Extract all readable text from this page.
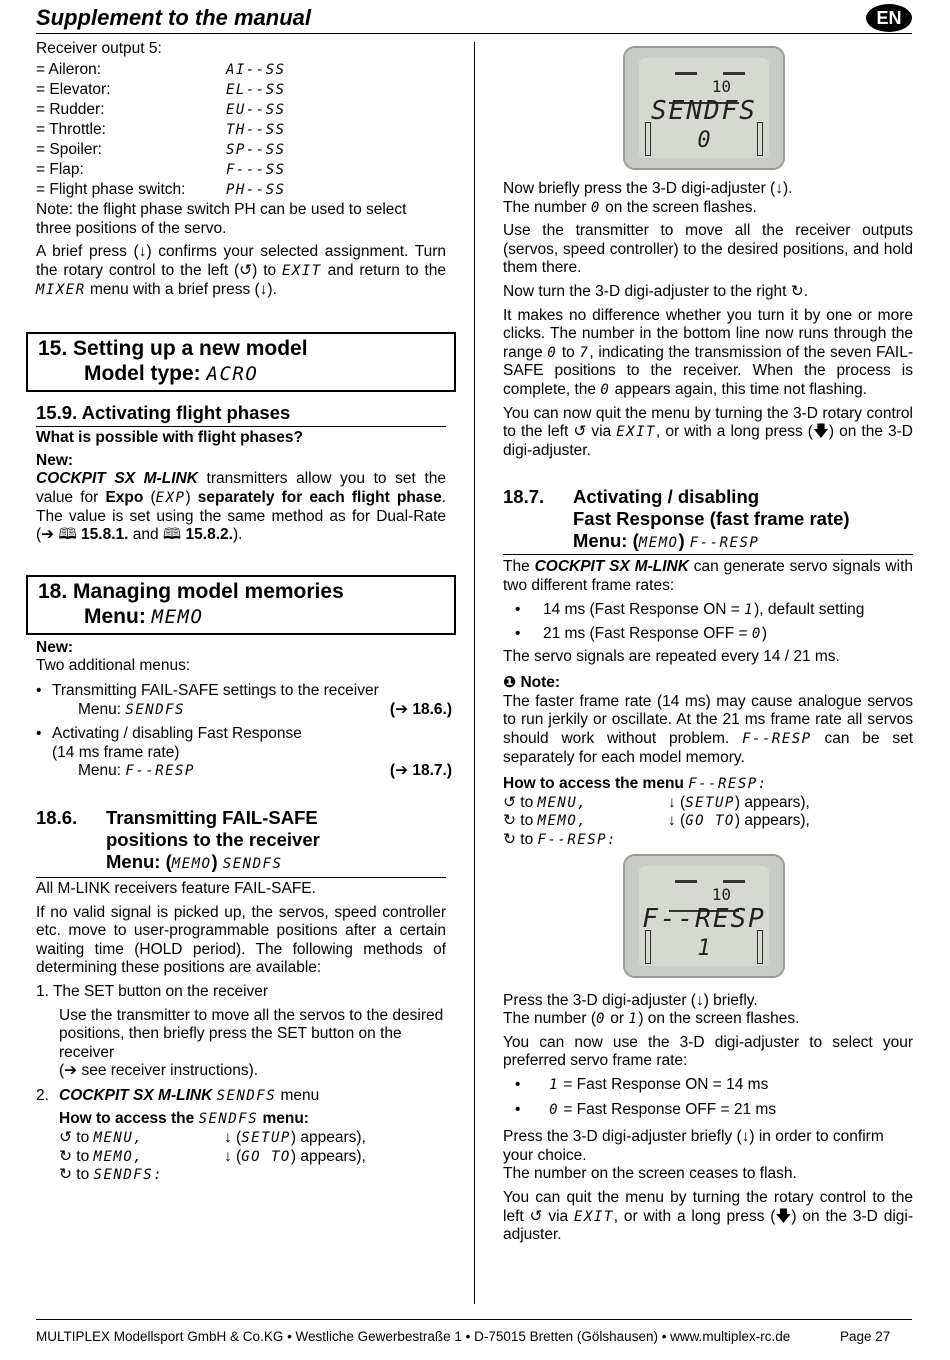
Supplement to the manual	EN
Receiver output 5:
= Aileron:	AI--SS
= Elevator:	EL--SS
= Rudder:	EU--SS
= Throttle:	TH--SS
= Spoiler:	SP--SS
= Flap:	F---SS
= Flight phase switch:	PH--SS

Note: the flight phase switch PH can be used to select three positions of the servo.

A brief press (↓) confirms your selected assignment. Turn the rotary control to the left (↺) to EXIT and return to the MIXER menu with a brief press (↓).

15. Setting up a new model
Model type: ACRO
15.9. Activating flight phases
What is possible with flight phases?
New:

COCKPIT SX M-LINK transmitters allow you to set the value for Expo (EXP) separately for each flight phase. The value is set using the same method as for Dual-Rate (➔ 🕮 15.8.1. and 🕮 15.8.2.).

18. Managing model memories
Menu: MEMO
New:
Two additional menus:
• Transmitting FAIL-SAFE settings to the receiver
Menu:
SENDFS	(➔ 18.6.)
• Activating / disabling Fast Response
(14 ms frame rate)
Menu:
F--RESP	(➔ 18.7.)
18.6. Transmitting FAIL-SAFE
positions to the receiver
Menu: (MEMO) SENDFS

All M-LINK receivers feature FAIL-SAFE.

If no valid signal is picked up, the servos, speed controller etc. move to user-programmable positions after a certain waiting time (HOLD period). The following methods of determining these positions are available:

1. The SET button on the receiver
Use the transmitter to move all the servos to the desired positions, then briefly press the SET button on the receiver
(➔ see receiver instructions).
2. COCKPIT SX M-LINK SENDFS menu
How to access the SENDFS menu:
↺ to MENU,	↓ (SETUP) appears),
↻ to MEMO,	↓ (GO TO) appears),
↻ to SENDFS:
10
SENDFS
0
Now briefly press the 3-D digi-adjuster (↓).

The number 0 on the screen flashes.

Use the transmitter to move all the receiver outputs (servos, speed controller) to the desired positions, and hold them there.

Now turn the 3-D digi-adjuster to the right ↻.

It makes no difference whether you turn it by one or more clicks. The number in the bottom line now runs through the range 0 to 7, indicating the transmission of the seven FAIL-SAFE positions to the receiver. When the process is complete, the 0 appears again, this time not flashing.

You can now quit the menu by turning the 3-D rotary control to the left ↺ via EXIT, or with a long press (🡇) on the 3-D digi-adjuster.

18.7. Activating / disabling
Fast Response (fast frame rate)
Menu: (MEMO) F--RESP

The COCKPIT SX M-LINK can generate servo signals with two different frame rates:

•	14 ms (Fast Response ON = 1), default setting
•	21 ms (Fast Response OFF = 0)

The servo signals are repeated every 14 / 21 ms.

❶ Note:

The faster frame rate (14 ms) may cause analogue servos to run jerkily or oscillate. At the 21 ms frame rate all servos should work without problem. F--RESP can be set separately for each model memory.

How to access the menu F--RESP:
↺ to MENU,	↓ (SETUP) appears),
↻ to MEMO,	↓ (GO TO) appears),
↻ to F--RESP:
10
F--RESP
1
Press the 3-D digi-adjuster (↓) briefly.

The number (0 or 1) on the screen flashes.

You can now use the 3-D digi-adjuster to select your preferred servo frame rate:

•	1 = Fast Response ON = 14 ms
•	0 = Fast Response OFF = 21 ms
Press the 3-D digi-adjuster briefly (↓) in order to confirm your choice.

The number on the screen ceases to flash.

You can quit the menu by turning the rotary control to the left ↺ via EXIT, or with a long press (🡇) on the 3-D digi-adjuster.

MULTIPLEX Modellsport GmbH & Co.KG • Westliche Gewerbestraße 1 • D-75015 Bretten (Gölshausen) • www.multiplex-rc.de	Page 27
